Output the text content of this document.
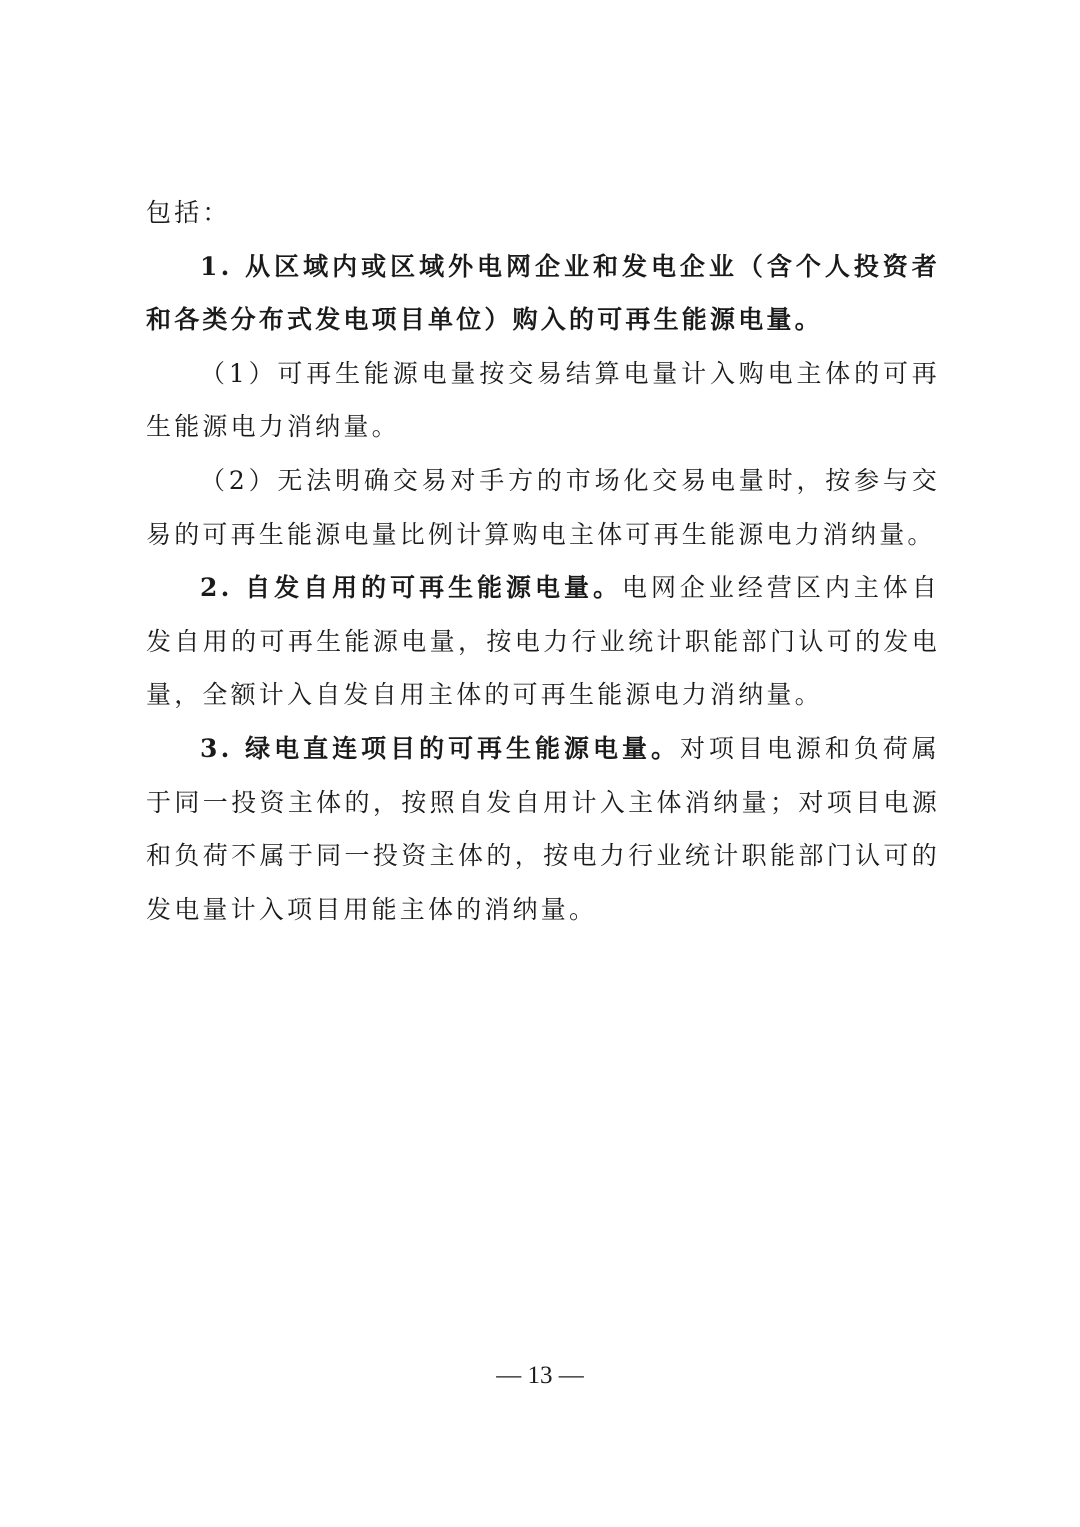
包括：

1. 从区域内或区域外电网企业和发电企业（含个人投资者和各类分布式发电项目单位）购入的可再生能源电量。

（1）可再生能源电量按交易结算电量计入购电主体的可再生能源电力消纳量。

（2）无法明确交易对手方的市场化交易电量时，按参与交易的可再生能源电量比例计算购电主体可再生能源电力消纳量。

2. 自发自用的可再生能源电量。电网企业经营区内主体自发自用的可再生能源电量，按电力行业统计职能部门认可的发电量，全额计入自发自用主体的可再生能源电力消纳量。

3. 绿电直连项目的可再生能源电量。对项目电源和负荷属于同一投资主体的，按照自发自用计入主体消纳量；对项目电源和负荷不属于同一投资主体的，按电力行业统计职能部门认可的发电量计入项目用能主体的消纳量。

— 13 —
